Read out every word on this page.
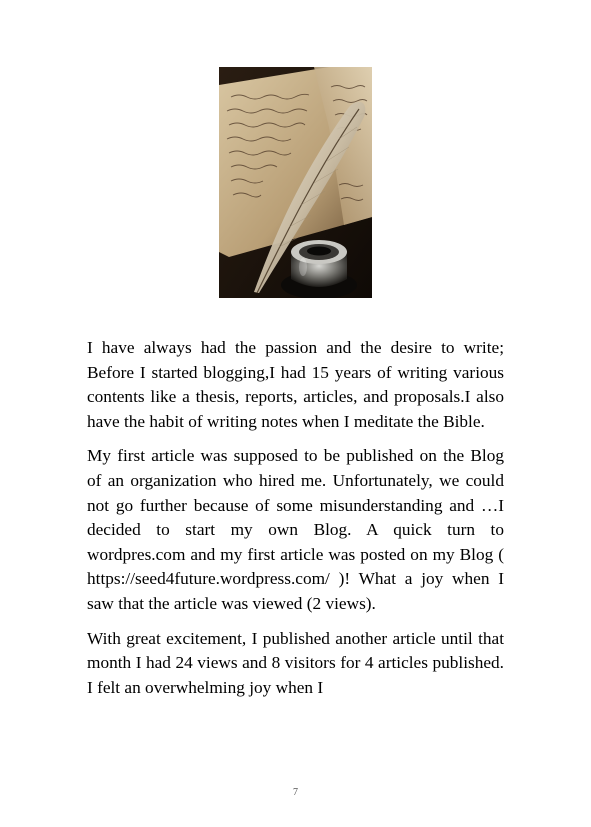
I have always had the passion and the desire to write; Before I started blogging,I had 15 years of writing various contents like a thesis, reports, articles, and proposals.I also have the habit of writing notes when I meditate the Bible.

My first article was supposed to be published on the Blog of an organization who hired me. Unfortunately, we could not go further because of some misunderstanding and …I decided to start my own Blog. A quick turn to wordpres.com and my first article was posted on my Blog ( https://seed4future.wordpress.com/ )! What a joy when I saw that the article was viewed (2 views).

With great excitement, I published another article until that month I had 24 views and 8 visitors for 4 articles published. I felt an overwhelming joy when I

7
